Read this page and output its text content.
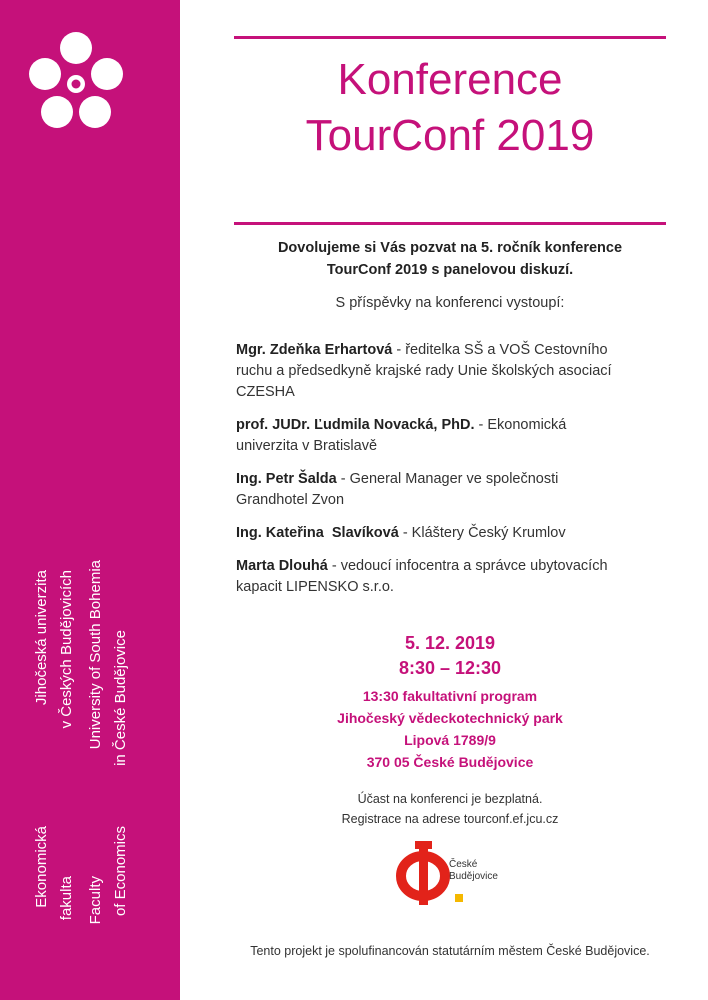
Jihočeská univerzita v Českých Budějovicích University of South Bohemia in České Budějovice
Ekonomická fakulta Faculty of Economics
Konference
TourConf 2019
Dovolujeme si Vás pozvat na 5. ročník konference
TourConf 2019 s panelovou diskuzí.
S příspěvky na konferenci vystoupí:
Mgr. Zdeňka Erhartová - ředitelka SŠ a VOŠ Cestovního
ruchu a předsedkyně krajské rady Unie školských asociací
CZESHA
prof. JUDr. Ľudmila Novacká, PhD. - Ekonomická
univerzita v Bratislavě
Ing. Petr Šalda - General Manager ve společnosti
Grandhotel Zvon
Ing. Kateřina  Slavíková - Kláštery Český Krumlov
Marta Dlouhá - vedoucí infocentra a správce ubytovacích
kapacit LIPENSKO s.r.o.
5. 12. 2019
8:30 – 12:30
13:30 fakultativní program
Jihočeský vědeckotechnický park
Lipová 1789/9
370 05 České Budějovice
Účast na konferenci je bezplatná.
Registrace na adrese tourconf.ef.jcu.cz
České
Budějovice
Tento projekt je spolufinancován statutárním městem České Budějovice.
